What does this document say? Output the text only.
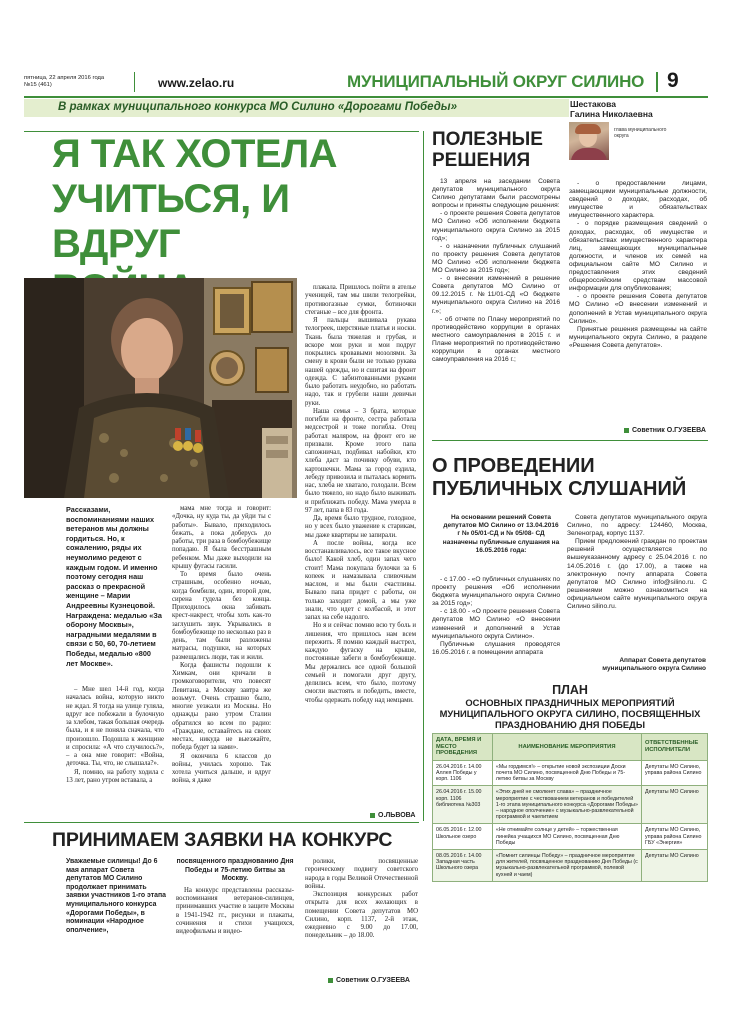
пятница, 22 апреля 2016 года
№15 (461)	www.zelao.ru	МУНИЦИПАЛЬНЫЙ ОКРУГ СИЛИНО 9
В рамках муниципального конкурса МО Силино «Дорогами Победы»	Шестакова
Галина Николаевна
глава муниципального округа
Я ТАК ХОТЕЛА
УЧИТЬСЯ, И ВДРУГ
Рассказами, воспоминаниями наших ветеранов мы должны гордиться. Но, к сожалению, ряды их неумолимо редеют с каждым годом. И именно поэтому сегодня наш рассказ о прекрасной женщине – Марии Андреевны Кузнецовой. Награждена: медалью «За оборону Москвы», наградными медалями в связи с 50, 60, 70-летием Победы, медалью «800 лет Москве».

– Мне шел 14-й год, когда началась война, которую никто не ждал. Я тогда на улице гуляла, вдруг все побежали в булочную за хлебом, такая большая очередь была, и я не поняла сначала, что произошло. Подошла к женщине и спросила: «А что случилось?», – а она мне говорит: «Война, деточка. Ты, что, не слышала?».

Я, помню, на работу ходила с 13 лет, рано утром вставала, а

мама мне тогда и говорит: «Дочка, ну куда ты, да уйди ты с работы». Бывало, приходилось бежать, а пока доберусь до работы, три раза в бомбоубежище попадаю. Я была бесстрашным ребенком. Мы даже выходили на крышу фугасы гасили.

То время было очень страшным, особенно ночью, когда бомбили, один, второй дом, сирена гудела без конца. Приходилось окна забивать крест-накрест, чтобы хоть как-то заглушить звук. Укрывались в бомбоубежище по несколько раз в день, там были разложены матрасы, подушки, на которых размещались люди, так и жили.

Когда фашисты подошли к Химкам, они кричали в громкоговорители, что повесят Левитана, а Москву завтра же возьмут. Очень страшно было, многие уезжали из Москвы. Но однажды рано утром Сталин обратился ко всем по радио: «Граждане, оставайтесь на своих местах, никуда не выезжайте, победа будет за нами».

Я окончила 6 классов до войны, училась хорошо. Так хотела учиться дальше, и вдруг война, я даже

плакала. Пришлось пойти в ателье ученицей, там мы шили телогрейки, противогазные сумки, ботиночки стеганые – все для фронта.

Я пальцы вышивала рукава телогреек, шерстяные платья и носки. Ткань была тяжелая и грубая, и вскоре мои руки и мои подруг покрылись кровавыми мозолями. За смену в крови были не только рукава нашей одежды, но и сшитая на фронт одежда. С забинтованными руками было работать неудобно, но работать надо, так и грубели наши девичьи руки.

Наша семья – 3 брата, которые погибли на фронте, сестра работала медсестрой и тоже погибла. Отец работал маляром, на фронт его не призвали. Кроме этого папа сапожничал, подбивал набойки, кто хлеба даст за починку обуви, кто картошечки. Мама за город ездила, лебеду привозила и пыталась кормить нас, хлеба не хватало, голодали. Всем было тяжело, но надо было выживать и приближать победу. Мама умерла в 97 лет, папа в 83 года.

Да, время было трудное, голодное, но у всех было уважение к старикам, мы даже квартиры не запирали.

А после войны, когда все восстанавливалось, все такое вкусное было! Какой хлеб, один запах чего стоит! Мама покупала булочки за 6 копеек и намазывала сливочным маслом, и мы были счастливы. Бывало папа придет с работы, он только заходит домой, а мы уже знали, что идет с колбасой, и этот запах на себе надолго.

Но я и сейчас помню всю ту боль и лишения, что пришлось нам всем пережить. Я помню каждый выстрел, каждую фугаску на крыше, постоянные забеги в бомбоубежище. Мы держались все одной большой семьей и помогали друг другу, делились всем, что было, поэтому смогли выстоять и победить, вместе, чтобы одержать победу над немцами.

О.ЛЬВОВА
ПОЛЕЗНЫЕ
РЕШЕНИЯ

13 апреля на заседании Совета депутатов муниципального округа Силино депутатами были рассмотрены вопросы и приняты следующие решения:

- о проекте решения Совета депутатов МО Силино «Об исполнении бюджета муниципального округа Силино за 2015 год»;

- о назначении публичных слушаний по проекту решения Совета депутатов МО Силино «Об исполнении бюджета МО Силино за 2015 год»;

- о внесении изменений в решение Совета депутатов МО Силино от 09.12.2015 г. №11/01-СД «О бюджете муниципального округа Силино на 2016 г.»;

- об отчете по Плану мероприятий по противодействию коррупции в органах местного самоуправления в 2015 г. и Плане мероприятий по противодействию коррупции в органах местного самоуправления на 2016 г.;

- о предоставлении лицами, замещающими муниципальные должности, сведений о доходах, расходах, об имуществе и обязательствах имущественного характера.

- о порядке размещения сведений о доходах, расходах, об имуществе и обязательствах имущественного характера лиц, замещающих муниципальные должности, и членов их семей на официальном сайте МО Силино и предоставления этих сведений общероссийским средствам массовой информации для опубликования;

- о проекте решения Совета депутатов МО Силино «О внесении изменений и дополнений в Устав муниципального округа Силино».

Принятые решения размещены на сайте муниципального округа Силино, в разделе «Решения Совета депутатов».

Советник О.ГУЗЕЕВА
О ПРОВЕДЕНИИ
ПУБЛИЧНЫХ СЛУШАНИЙ
На основании решений Совета депутатов МО Силино от 13.04.2016 г № 05/01-СД и № 05/08- СД назначены публичные слушания на 16.05.2016 года:

- с 17.00 - «О публичных слушаниях по проекту решения «Об исполнении бюджета муниципального округа Силино за 2015 год»;

- с 18.00 - «О проекте решения Совета депутатов МО Силино «О внесении изменений и дополнений в Устав муниципального округа Силино».

Публичные слушания проводятся 16.05.2016 г. в помещении аппарата

Совета депутатов муниципального округа Силино, по адресу: 124460, Москва, Зеленоград, корпус 1137.

Прием предложений граждан по проектам решений осуществляется по вышеуказанному адресу с 25.04.2016 г. по 14.05.2016 г. (до 17.00), а также на электронную почту аппарата Совета депутатов МО Силино info@silino.ru. С решениями можно ознакомиться на официальном сайте муниципального округа Силино silino.ru.

Аппарат Совета депутатов муниципального округа Силино
ПЛАН
ОСНОВНЫХ ПРАЗДНИЧНЫХ МЕРОПРИЯТИЙ
МУНИЦИПАЛЬНОГО ОКРУГА СИЛИНО, ПОСВЯЩЕННЫХ
ПРАЗДНОВАНИЮ ДНЯ ПОБЕДЫ
ДАТА, ВРЕМЯ И МЕСТО ПРОВЕДЕНИЯ	НАИМЕНОВАНИЕ МЕРОПРИЯТИЯ	ОТВЕТСТВЕННЫЕ ИСПОЛНИТЕЛИ
26.04.2016 г. 14.00 Аллея Победы у корп. 1106	«Мы гордимся!» – открытие новой экспозиции Доски почета МО Силино, посвященной Дню Победы и 75-летию битвы за Москву	Депутаты МО Силино, управа района Силино
26.04.2016 г. 15.00 корп. 1106 библиотека №303	«Этих дней не смолкнет слава» – праздничное мероприятие с чествованием ветеранов и победителей 1-го этапа муниципального конкурса «Дорогами Победы» – народное ополчение» с музыкально-развлекательной программой и чаепитием	Депутаты МО Силино
06.05.2016 г. 12.00 Школьное озеро	«Не отнимайте солнце у детей» – торжественная линейка учащихся МО Силино, посвященная Дню Победы	Депутаты МО Силино, управа района Силино ГБУ «Энергия»
08.05.2016 г. 14.00 Западная часть Школьного озера	«Помнит силинцы Победу» – праздничное мероприятие для жителей, посвященное празднованию Дня Победы (с музыкально-развлекательной программой, полевой кухней и чаем)	Депутаты МО Силино
ПРИНИМАЕМ ЗАЯВКИ НА КОНКУРС
Уважаемые силинцы! До 6 мая аппарат Совета депутатов МО Силино продолжает принимать заявки участников 1-го этапа муниципального конкурса «Дорогами Победы», в номинации «Народное ополчение»,
посвященного празднованию Дня Победы и 75-летию битвы за Москву.
На конкурс представлены рассказы-воспоминания ветеранов-силинцев, принимавших участие в защите Москвы в 1941-1942 гг., рисунки и плакаты, сочинения и стихи учащихся, видеофильмы и видео-

ролики, посвященные героическому подвигу советского народа в годы Великой Отечественной войны.

Экспозиция конкурсных работ открыта для всех желающих в помещении Совета депутатов МО Силино, корп. 1137, 2-й этаж, ежедневно с 9.00 до 17.00, понедельник – до 18.00.

Советник О.ГУЗЕЕВА
